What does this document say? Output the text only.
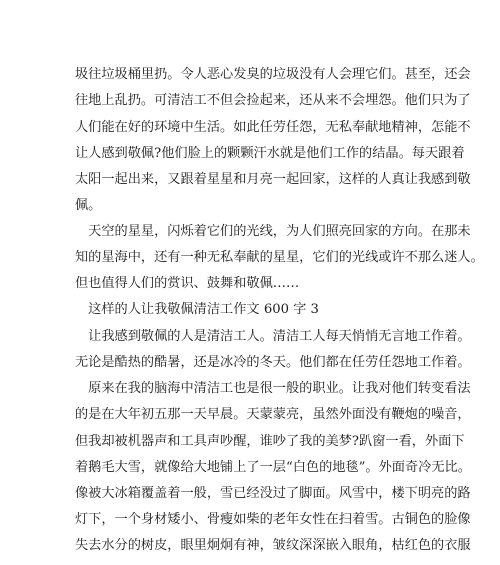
圾往垃圾桶里扔。令人恶心发臭的垃圾没有人会理它们。甚至，还会
往地上乱扔。可清洁工不但会捡起来，还从来不会埋怨。他们只为了
人们能在好的环境中生活。如此任劳任怨，无私奉献地精神，怎能不
让人感到敬佩?他们脸上的颗颗汗水就是他们工作的结晶。每天跟着
太阳一起出来，又跟着星星和月亮一起回家，这样的人真让我感到敬
佩。
　天空的星星，闪烁着它们的光线，为人们照亮回家的方向。在那未
知的星海中，还有一种无私奉献的星星，它们的光线或许不那么迷人。
但也值得人们的赏识、鼓舞和敬佩……
　这样的人让我敬佩清洁工作文 600 字 3
　让我感到敬佩的人是清洁工人。清洁工人每天悄悄无言地工作着。
无论是酷热的酷暑，还是冰冷的冬天。他们都在任劳任怨地工作着。
　原来在我的脑海中清洁工也是很一般的职业。让我对他们转变看法
的是在大年初五那一天早晨。天蒙蒙亮，虽然外面没有鞭炮的噪音，
但我却被机器声和工具声吵醒，谁吵了我的美梦?趴窗一看，外面下
着鹅毛大雪，就像给大地铺上了一层“白色的地毯”。外面奇冷无比。
像被大冰箱覆盖着一般，雪已经没过了脚面。风雪中，楼下明亮的路
灯下，一个身材矮小、骨瘦如柴的老年女性在扫着雪。古铜色的脸像
失去水分的树皮，眼里炯炯有神，皱纹深深嵌入眼角，枯红色的衣服
